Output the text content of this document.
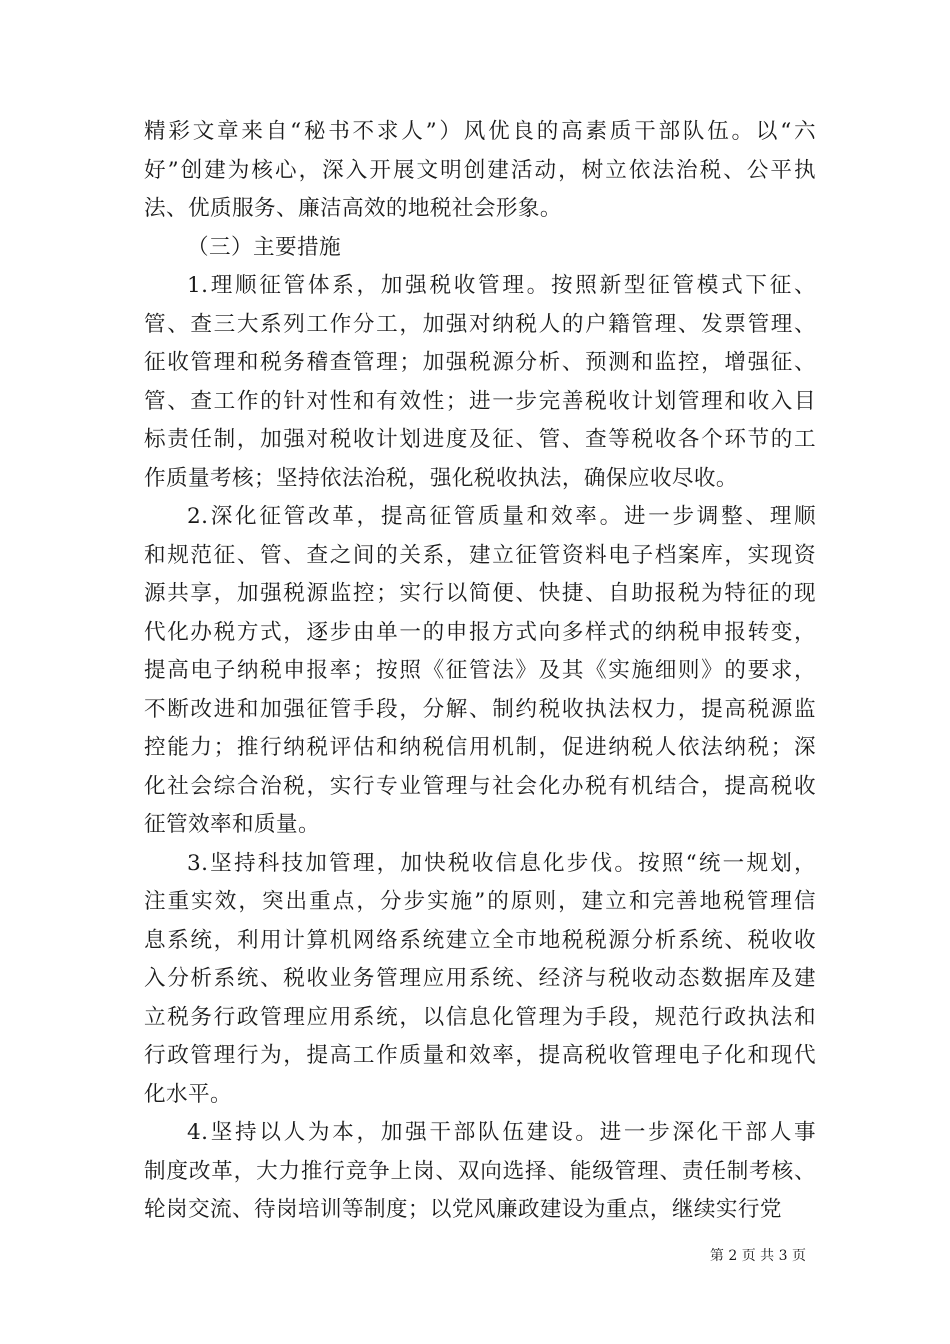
精彩文章来自“秘书不求人”）风优良的高素质干部队伍。以“六
好”创建为核心，深入开展文明创建活动，树立依法治税、公平执
法、优质服务、廉洁高效的地税社会形象。
（三）主要措施
1.理顺征管体系，加强税收管理。按照新型征管模式下征、
管、查三大系列工作分工，加强对纳税人的户籍管理、发票管理、
征收管理和税务稽查管理；加强税源分析、预测和监控，增强征、
管、查工作的针对性和有效性；进一步完善税收计划管理和收入目
标责任制，加强对税收计划进度及征、管、查等税收各个环节的工
作质量考核；坚持依法治税，强化税收执法，确保应收尽收。
2.深化征管改革，提高征管质量和效率。进一步调整、理顺
和规范征、管、查之间的关系，建立征管资料电子档案库，实现资
源共享，加强税源监控；实行以简便、快捷、自助报税为特征的现
代化办税方式，逐步由单一的申报方式向多样式的纳税申报转变，
提高电子纳税申报率；按照《征管法》及其《实施细则》的要求，
不断改进和加强征管手段，分解、制约税收执法权力，提高税源监
控能力；推行纳税评估和纳税信用机制，促进纳税人依法纳税；深
化社会综合治税，实行专业管理与社会化办税有机结合，提高税收
征管效率和质量。
3.坚持科技加管理，加快税收信息化步伐。按照“统一规划，
注重实效，突出重点，分步实施”的原则，建立和完善地税管理信
息系统，利用计算机网络系统建立全市地税税源分析系统、税收收
入分析系统、税收业务管理应用系统、经济与税收动态数据库及建
立税务行政管理应用系统，以信息化管理为手段，规范行政执法和
行政管理行为，提高工作质量和效率，提高税收管理电子化和现代
化水平。
4.坚持以人为本，加强干部队伍建设。进一步深化干部人事
制度改革，大力推行竞争上岗、双向选择、能级管理、责任制考核、
轮岗交流、待岗培训等制度；以党风廉政建设为重点，继续实行党
第 2 页 共 3 页
